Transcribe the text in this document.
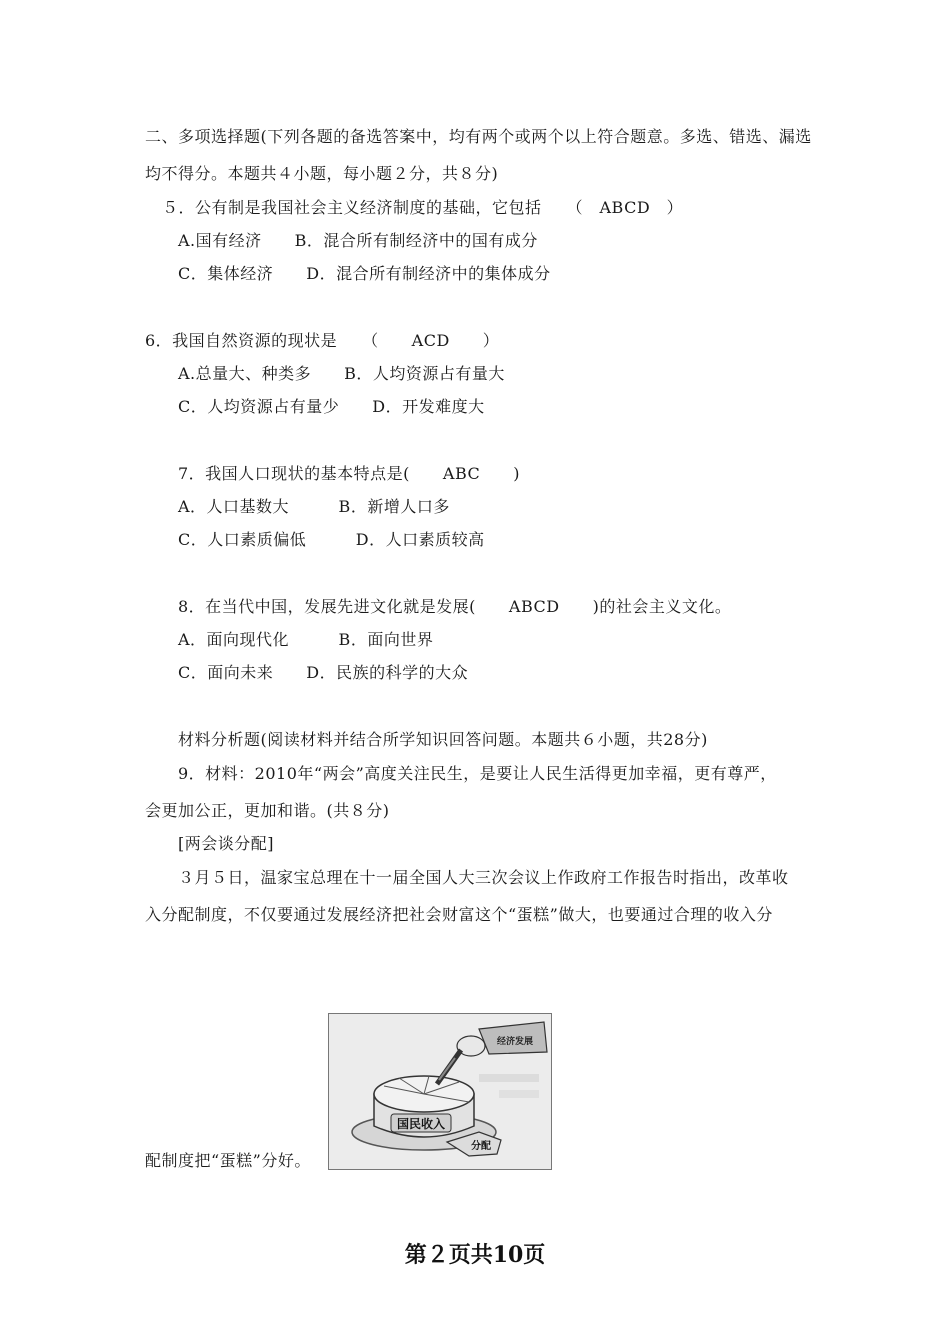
二、多项选择题(下列各题的备选答案中，均有两个或两个以上符合题意。多选、错选、漏选
均不得分。本题共４小题，每小题２分，共８分)
５．公有制是我国社会主义经济制度的基础，它包括　　（　ABCD　）
A.国有经济　　B．混合所有制经济中的国有成分
C．集体经济　　D．混合所有制经济中的集体成分
6．我国自然资源的现状是　　（　　ACD　　）
A.总量大、种类多　　B．人均资源占有量大
C．人均资源占有量少　　D．开发难度大
7．我国人口现状的基本特点是(　　ABC　　)
A．人口基数大　　　B．新增人口多
C．人口素质偏低　　　D．人口素质较高
8．在当代中国，发展先进文化就是发展(　　ABCD　　)的社会主义文化。
A．面向现代化　　　B．面向世界
C．面向未来　　D．民族的科学的大众
材料分析题(阅读材料并结合所学知识回答问题。本题共６小题，共28分)
9．材料：2010年“两会”高度关注民生，是要让人民生活得更加幸福，更有尊严，
会更加公正，更加和谐。(共８分)
[两会谈分配]
３月５日，温家宝总理在十一届全国人大三次会议上作政府工作报告时指出，改革收
入分配制度，不仅要通过发展经济把社会财富这个“蛋糕”做大，也要通过合理的收入分
配制度把“蛋糕”分好。
国民收入
分配
经济发展
第２页共10页
